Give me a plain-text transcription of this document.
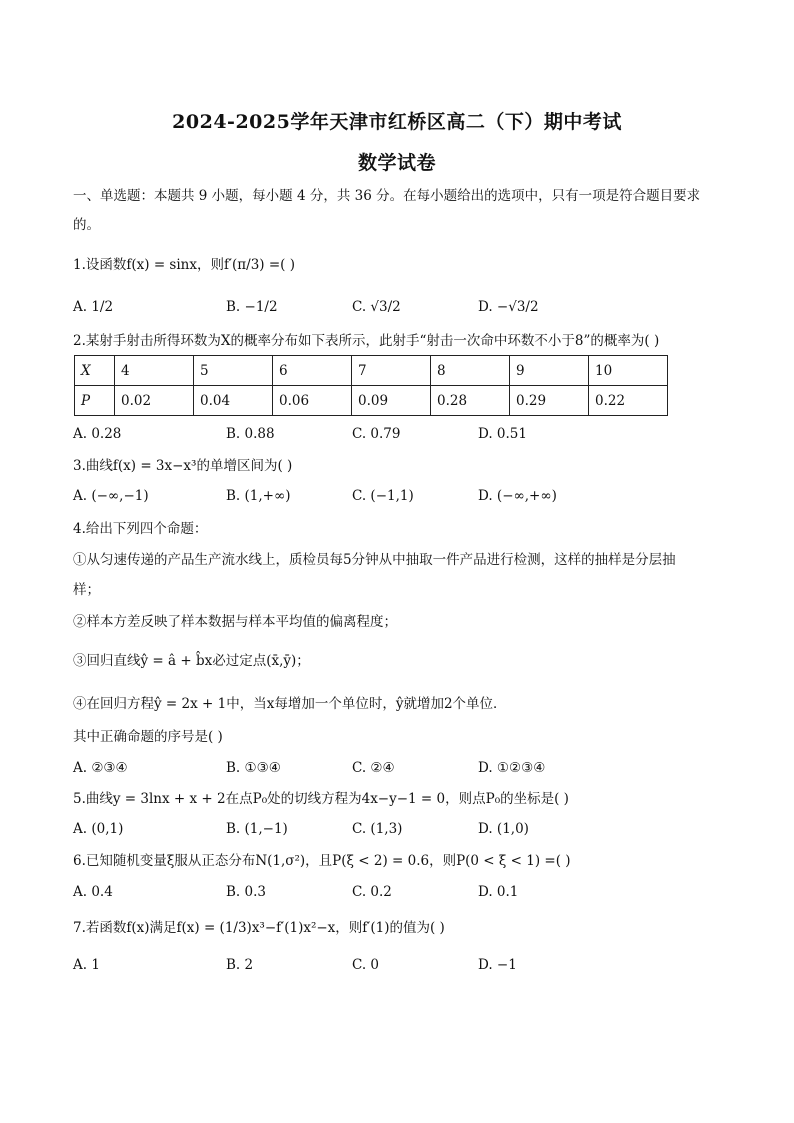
2024-2025学年天津市红桥区高二（下）期中考试
数学试卷
一、单选题：本题共 9 小题，每小题 4 分，共 36 分。在每小题给出的选项中，只有一项是符合题目要求
的。
1.设函数f(x) = sinx，则f′(π/3) =( )
A. 1/2	B. −1/2	C. √3/2	D. −√3/2
2.某射手射击所得环数为X的概率分布如下表所示，此射手“射击一次命中环数不小于8”的概率为( )
X	4	5	6	7	8	9	10
P	0.02	0.04	0.06	0.09	0.28	0.29	0.22
A. 0.28	B. 0.88	C. 0.79	D. 0.51
3.曲线f(x) = 3x−x³的单增区间为( )
A. (−∞,−1)	B. (1,+∞)	C. (−1,1)	D. (−∞,+∞)
4.给出下列四个命题：
①从匀速传递的产品生产流水线上，质检员每5分钟从中抽取一件产品进行检测，这样的抽样是分层抽
样；
②样本方差反映了样本数据与样本平均值的偏离程度；
③回归直线ŷ = â + b̂x必过定点(x̄,ȳ)；
④在回归方程ŷ = 2x + 1中，当x每增加一个单位时，ŷ就增加2个单位．
其中正确命题的序号是( )
A. ②③④	B. ①③④	C. ②④	D. ①②③④
5.曲线y = 3lnx + x + 2在点P₀处的切线方程为4x−y−1 = 0，则点P₀的坐标是( )
A. (0,1)	B. (1,−1)	C. (1,3)	D. (1,0)
6.已知随机变量ξ服从正态分布N(1,σ²)，且P(ξ < 2) = 0.6，则P(0 < ξ < 1) =( )
A. 0.4	B. 0.3	C. 0.2	D. 0.1
7.若函数f(x)满足f(x) = (1/3)x³−f′(1)x²−x，则f′(1)的值为( )
A. 1	B. 2	C. 0	D. −1
